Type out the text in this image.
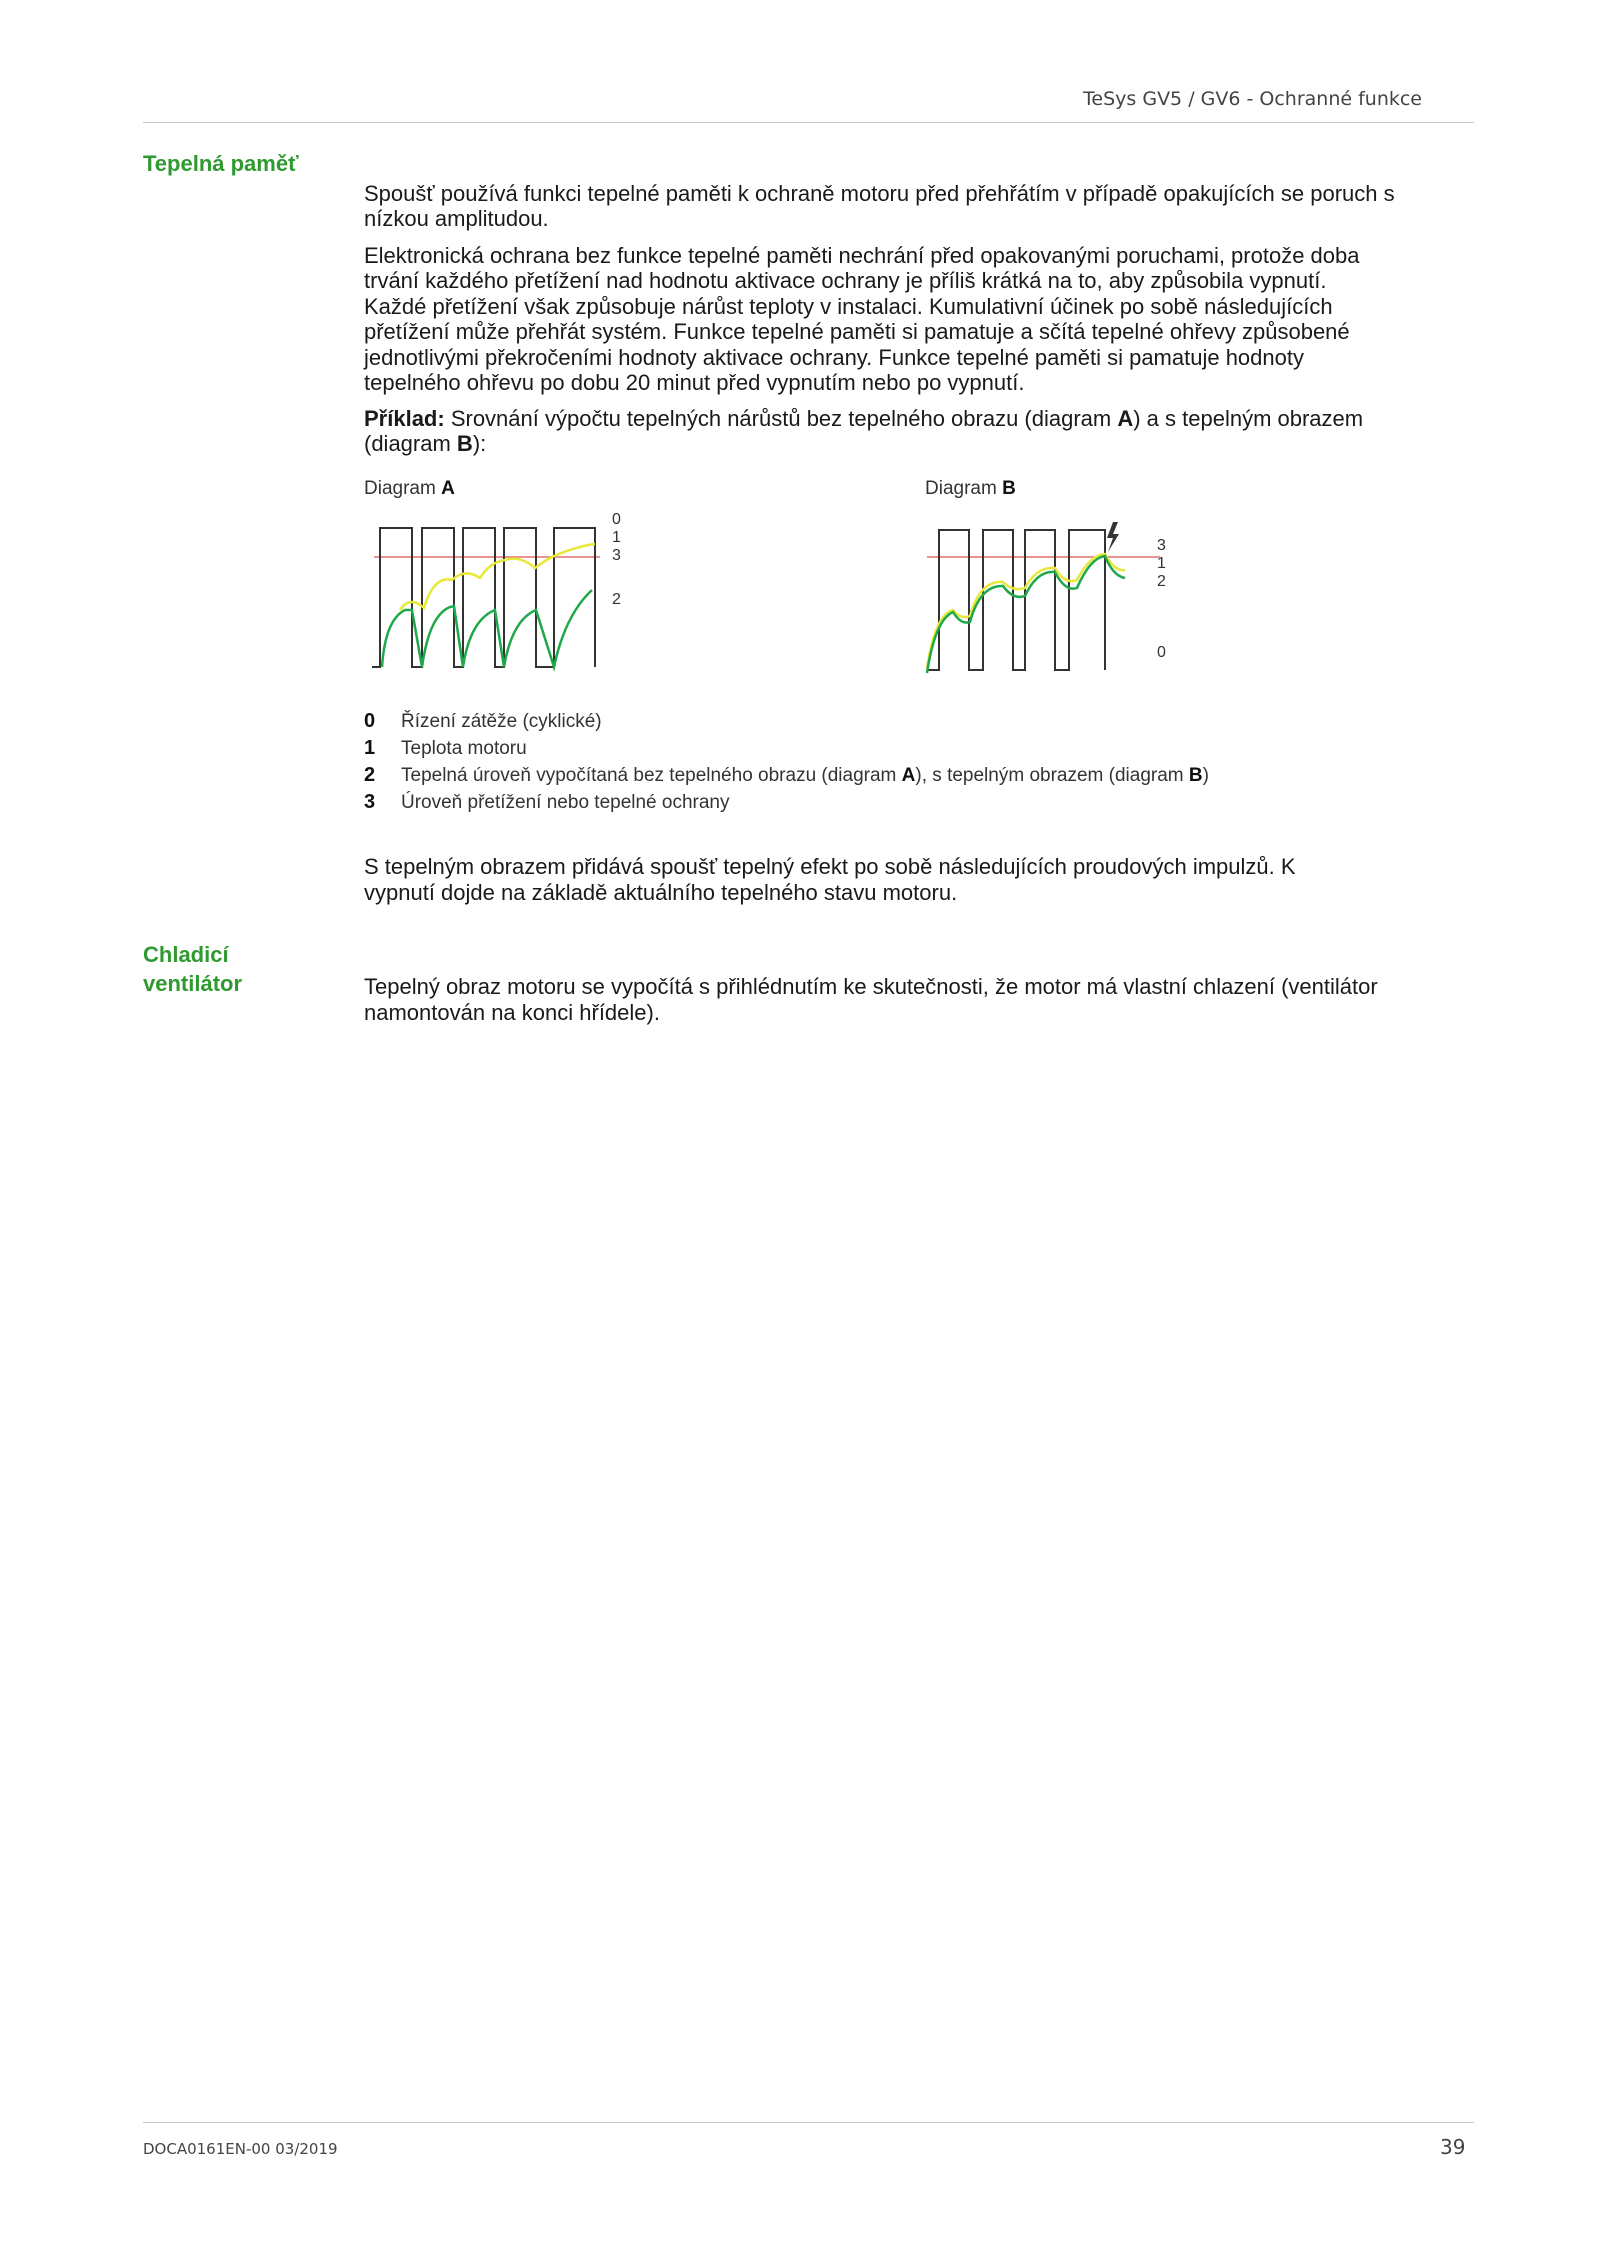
TeSys GV5 / GV6 - Ochranné funkce
Tepelná paměť

Spoušť používá funkci tepelné paměti k ochraně motoru před přehřátím v případě opakujících se poruch s

nízkou amplitudou.

Elektronická ochrana bez funkce tepelné paměti nechrání před opakovanými poruchami, protože doba

trvání každého přetížení nad hodnotu aktivace ochrany je příliš krátká na to, aby způsobila vypnutí.

Každé přetížení však způsobuje nárůst teploty v instalaci. Kumulativní účinek po sobě následujících

přetížení může přehřát systém. Funkce tepelné paměti si pamatuje a sčítá tepelné ohřevy způsobené

jednotlivými překročeními hodnoty aktivace ochrany. Funkce tepelné paměti si pamatuje hodnoty

tepelného ohřevu po dobu 20 minut před vypnutím nebo po vypnutí.

Příklad: Srovnání výpočtu tepelných nárůstů bez tepelného obrazu (diagram A) a s tepelným obrazem

(diagram B):

Diagram A	Diagram B
0
1
3
2
3
1
2
0
0 Řízení zátěže (cyklické)
1 Teplota motoru
2 Tepelná úroveň vypočítaná bez tepelného obrazu (diagram A), s tepelným obrazem (diagram B)
3 Úroveň přetížení nebo tepelné ochrany

S tepelným obrazem přidává spoušť tepelný efekt po sobě následujících proudových impulzů. K

vypnutí dojde na základě aktuálního tepelného stavu motoru.

Chladicí
ventilátor	Tepelný obraz motoru se vypočítá s přihlédnutím ke skutečnosti, že motor má vlastní chlazení (ventilátor

namontován na konci hřídele).

DOCA0161EN-00 03/2019	39
